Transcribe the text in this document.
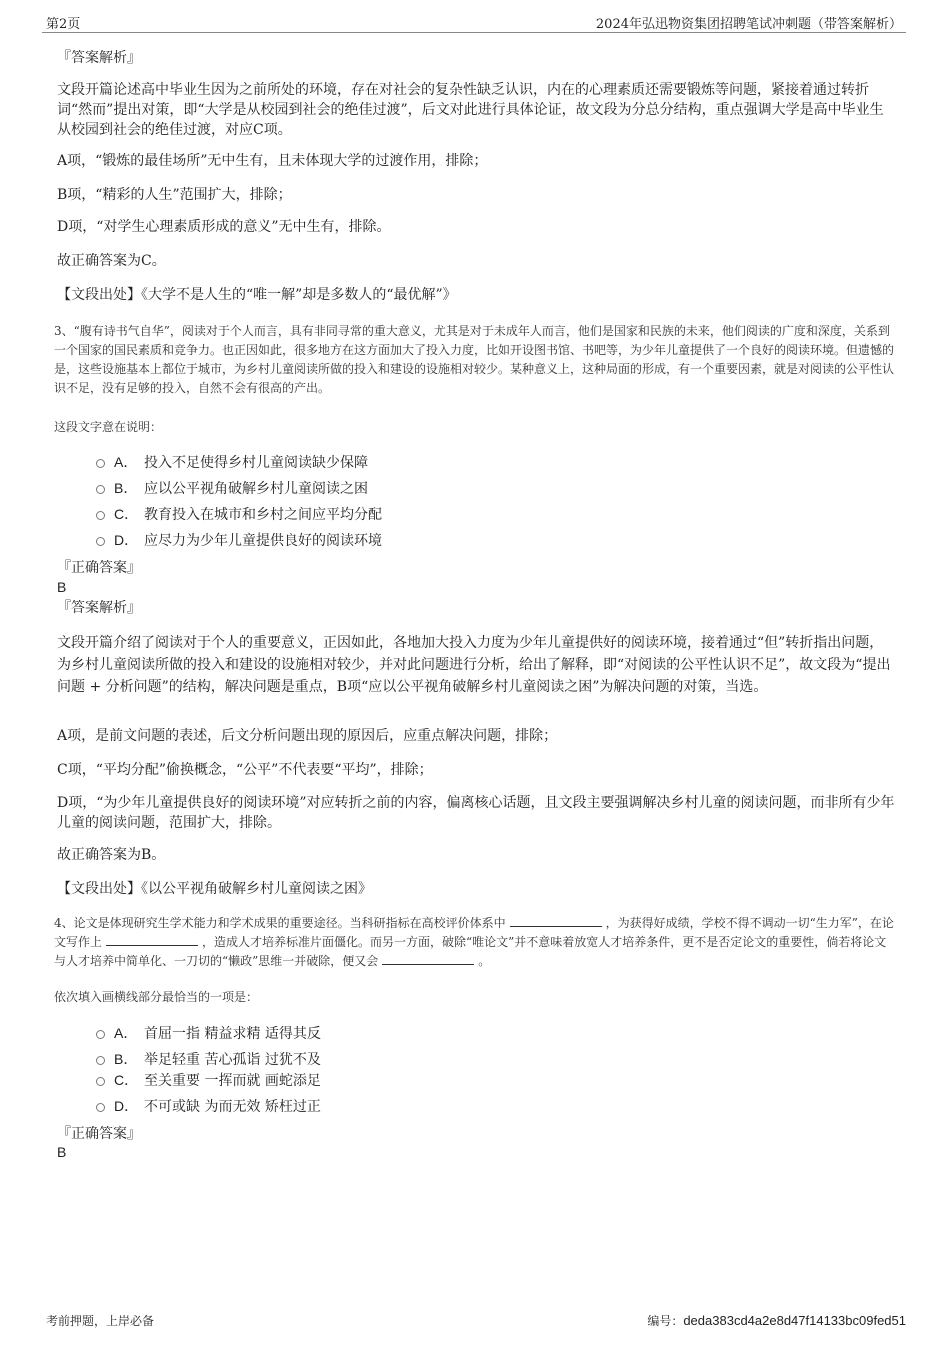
第2页	2024年弘迅物资集团招聘笔试冲刺题（带答案解析）
『答案解析』
文段开篇论述高中毕业生因为之前所处的环境，存在对社会的复杂性缺乏认识，内在的心理素质还需要锻炼等问题，紧接着通过转折词“然而”提出对策，即“大学是从校园到社会的绝佳过渡”，后文对此进行具体论证，故文段为分总分结构，重点强调大学是高中毕业生从校园到社会的绝佳过渡，对应C项。
A项，“锻炼的最佳场所”无中生有，且未体现大学的过渡作用，排除；
B项，“精彩的人生”范围扩大，排除；
D项，“对学生心理素质形成的意义”无中生有，排除。
故正确答案为C。
【文段出处】《大学不是人生的“唯一解”却是多数人的“最优解”》
3、“腹有诗书气自华”，阅读对于个人而言，具有非同寻常的重大意义，尤其是对于未成年人而言，他们是国家和民族的未来，他们阅读的广度和深度，关系到一个国家的国民素质和竞争力。也正因如此，很多地方在这方面加大了投入力度，比如开设图书馆、书吧等，为少年儿童提供了一个良好的阅读环境。但遗憾的是，这些设施基本上都位于城市，为乡村儿童阅读所做的投入和建设的设施相对较少。某种意义上，这种局面的形成，有一个重要因素，就是对阅读的公平性认识不足，没有足够的投入，自然不会有很高的产出。
这段文字意在说明：
A． 投入不足使得乡村儿童阅读缺少保障
B． 应以公平视角破解乡村儿童阅读之困
C． 教育投入在城市和乡村之间应平均分配
D． 应尽力为少年儿童提供良好的阅读环境
『正确答案』
B
『答案解析』
文段开篇介绍了阅读对于个人的重要意义，正因如此，各地加大投入力度为少年儿童提供好的阅读环境，接着通过“但”转折指出问题，为乡村儿童阅读所做的投入和建设的设施相对较少，并对此问题进行分析，给出了解释，即“对阅读的公平性认识不足”，故文段为“提出问题 + 分析问题”的结构，解决问题是重点，B项“应以公平视角破解乡村儿童阅读之困”为解决问题的对策，当选。
A项，是前文问题的表述，后文分析问题出现的原因后，应重点解决问题，排除；
C项，“平均分配”偷换概念，“公平”不代表要“平均”，排除；
D项，“为少年儿童提供良好的阅读环境”对应转折之前的内容，偏离核心话题，且文段主要强调解决乡村儿童的阅读问题，而非所有少年儿童的阅读问题，范围扩大，排除。
故正确答案为B。
【文段出处】《以公平视角破解乡村儿童阅读之困》
4、论文是体现研究生学术能力和学术成果的重要途径。当科研指标在高校评价体系中	，为获得好成绩，学校不得不调动一切“生力军”，在论文写作上	，造成人才培养标准片面僵化。而另一方面，破除“唯论文”并不意味着放宽人才培养条件，更不是否定论文的重要性，倘若将论文与人才培养中简单化、一刀切的“懒政”思维一并破除，便又会	。
依次填入画横线部分最恰当的一项是：
A． 首屈一指 精益求精 适得其反
B． 举足轻重 苦心孤诣 过犹不及
C． 至关重要 一挥而就 画蛇添足
D． 不可或缺 为而无效 矫枉过正
『正确答案』
B
考前押题，上岸必备	编号：deda383cd4a2e8d47f14133bc09fed51
